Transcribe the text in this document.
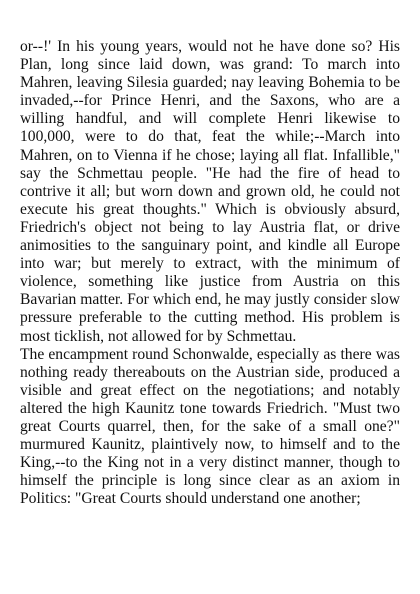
or--!' In his young years, would not he have done so? His Plan, long since laid down, was grand: To march into Mahren, leaving Silesia guarded; nay leaving Bohemia to be invaded,--for Prince Henri, and the Saxons, who are a willing handful, and will complete Henri likewise to 100,000, were to do that, feat the while;--March into Mahren, on to Vienna if he chose; laying all flat. Infallible," say the Schmettau people. "He had the fire of head to contrive it all; but worn down and grown old, he could not execute his great thoughts." Which is obviously absurd, Friedrich's object not being to lay Austria flat, or drive animosities to the sanguinary point, and kindle all Europe into war; but merely to extract, with the minimum of violence, something like justice from Austria on this Bavarian matter. For which end, he may justly consider slow pressure preferable to the cutting method. His problem is most ticklish, not allowed for by Schmettau.

The encampment round Schonwalde, especially as there was nothing ready thereabouts on the Austrian side, produced a visible and great effect on the negotiations; and notably altered the high Kaunitz tone towards Friedrich. "Must two great Courts quarrel, then, for the sake of a small one?" murmured Kaunitz, plaintively now, to himself and to the King,--to the King not in a very distinct manner, though to himself the principle is long since clear as an axiom in Politics: "Great Courts should understand one another;
